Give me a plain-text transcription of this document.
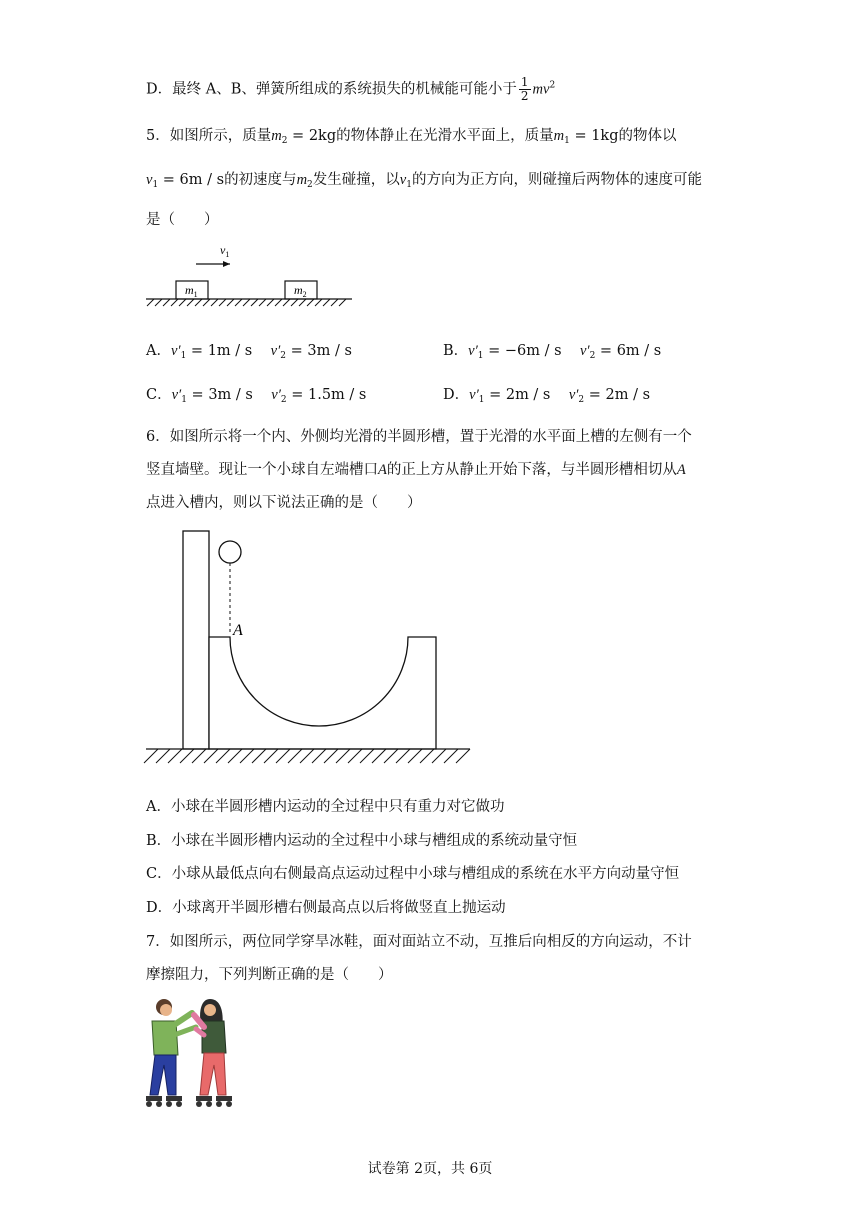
D．最终 A、B、弹簧所组成的系统损失的机械能可能小于 $\frac{1}{2} mv^2$
5．如图所示，质量$m_2 = 2kg$的物体静止在光滑水平面上，质量$m_1 = 1kg$的物体以
$v_1 = 6m / s$的初速度与$m_2$发生碰撞，以$v_1$的方向为正方向，则碰撞后两物体的速度可能
是（　　）
$v_1$
$m_1$	$m_2$
A．$v'_1 = 1m / s$ $v'_2 = 3m / s$	B．$v'_1 = -6m / s$ $v'_2 = 6m / s$
C．$v'_1 = 3m / s$ $v'_2 = 1.5m / s$	D．$v'_1 = 2m / s$ $v'_2 = 2m / s$
6．如图所示将一个内、外侧均光滑的半圆形槽，置于光滑的水平面上槽的左侧有一个
竖直墙壁。现让一个小球自左端槽口A的正上方从静止开始下落，与半圆形槽相切从A
点进入槽内，则以下说法正确的是（　　）
A
A．小球在半圆形槽内运动的全过程中只有重力对它做功
B．小球在半圆形槽内运动的全过程中小球与槽组成的系统动量守恒
C．小球从最低点向右侧最高点运动过程中小球与槽组成的系统在水平方向动量守恒
D．小球离开半圆形槽右侧最高点以后将做竖直上抛运动
7．如图所示，两位同学穿旱冰鞋，面对面站立不动，互推后向相反的方向运动，不计
摩擦阻力，下列判断正确的是（　　）
试卷第 2页，共 6页
